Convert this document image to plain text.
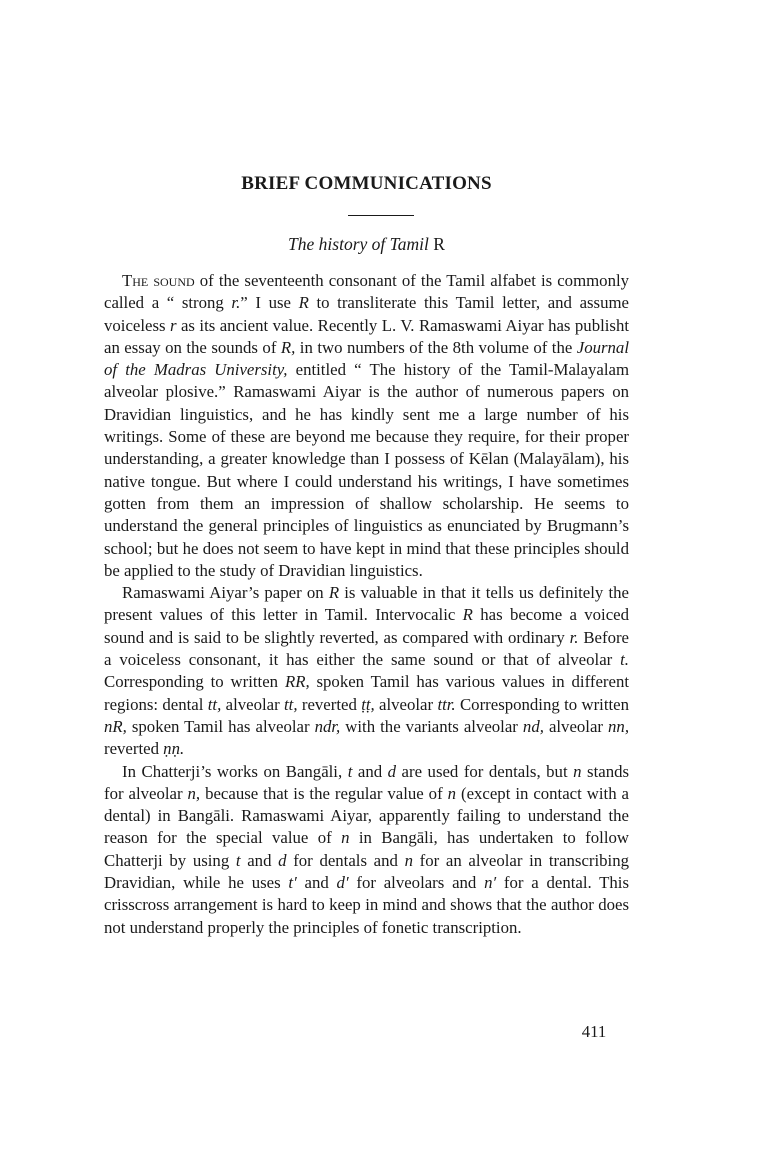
BRIEF COMMUNICATIONS
The history of Tamil R

The sound of the seventeenth consonant of the Tamil alfabet is commonly called a “ strong r.” I use R to transliterate this Tamil letter, and assume voiceless r as its ancient value. Recently L. V. Ramaswami Aiyar has publisht an essay on the sounds of R, in two numbers of the 8th volume of the Journal of the Madras University, entitled “ The history of the Tamil-Malayalam alveolar plosive.” Ramaswami Aiyar is the author of numerous papers on Dravidian linguistics, and he has kindly sent me a large number of his writings. Some of these are beyond me because they require, for their proper understanding, a greater knowledge than I possess of Kēlan (Malayālam), his native tongue. But where I could understand his writings, I have sometimes gotten from them an impression of shallow scholarship. He seems to understand the general principles of linguistics as enunciated by Brugmann’s school; but he does not seem to have kept in mind that these principles should be applied to the study of Dravidian linguistics.

Ramaswami Aiyar’s paper on R is valuable in that it tells us definitely the present values of this letter in Tamil. Intervocalic R has become a voiced sound and is said to be slightly reverted, as compared with ordinary r. Before a voiceless consonant, it has either the same sound or that of alveolar t. Corresponding to written RR, spoken Tamil has various values in different regions: dental tt, alveolar tt, reverted ṭṭ, alveolar ttr. Corresponding to written nR, spoken Tamil has alveolar ndr, with the variants alveolar nd, alveolar nn, reverted ṇṇ.

In Chatterji’s works on Bangāli, t and d are used for dentals, but n stands for alveolar n, because that is the regular value of n (except in contact with a dental) in Bangāli. Ramaswami Aiyar, apparently failing to understand the reason for the special value of n in Bangāli, has undertaken to follow Chatterji by using t and d for dentals and n for an alveolar in transcribing Dravidian, while he uses t′ and d′ for alveolars and n′ for a dental. This crisscross arrangement is hard to keep in mind and shows that the author does not understand properly the principles of fonetic transcription.

411
